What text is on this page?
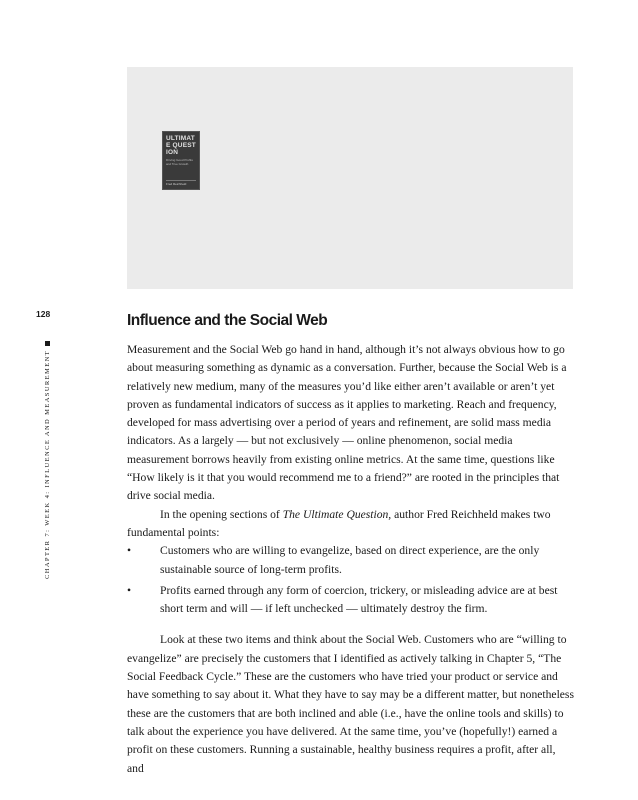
ULTIMATE QUESTION
Driving Good Profits and True Growth
Fred Reichheld
128
CHAPTER 7: WEEK 4: INFLUENCE AND MEASUREMENT
Influence and the Social Web

Measurement and the Social Web go hand in hand, although it’s not always obvious how to go about measuring something as dynamic as a conversation. Further, because the Social Web is a relatively new medium, many of the measures you’d like either aren’t available or aren’t yet proven as fundamental indicators of success as it applies to marketing. Reach and frequency, developed for mass advertising over a period of years and refinement, are solid mass media indicators. As a largely — but not exclusively — online phenomenon, social media measurement borrows heavily from existing online metrics. At the same time, questions like “How likely is it that you would recommend me to a friend?” are rooted in the principles that drive social media.

In the opening sections of The Ultimate Question, author Fred Reichheld makes two fundamental points:

• Customers who are willing to evangelize, based on direct experience, are the only sustainable source of long-term profits.
• Profits earned through any form of coercion, trickery, or misleading advice are at best short term and will — if left unchecked — ultimately destroy the firm.

Look at these two items and think about the Social Web. Customers who are “willing to evangelize” are precisely the customers that I identified as actively talking in Chapter 5, “The Social Feedback Cycle.” These are the customers who have tried your product or service and have something to say about it. What they have to say may be a different matter, but nonetheless these are the customers that are both inclined and able (i.e., have the online tools and skills) to talk about the experience you have delivered. At the same time, you’ve (hopefully!) earned a profit on these customers. Running a sustainable, healthy business requires a profit, after all, and
